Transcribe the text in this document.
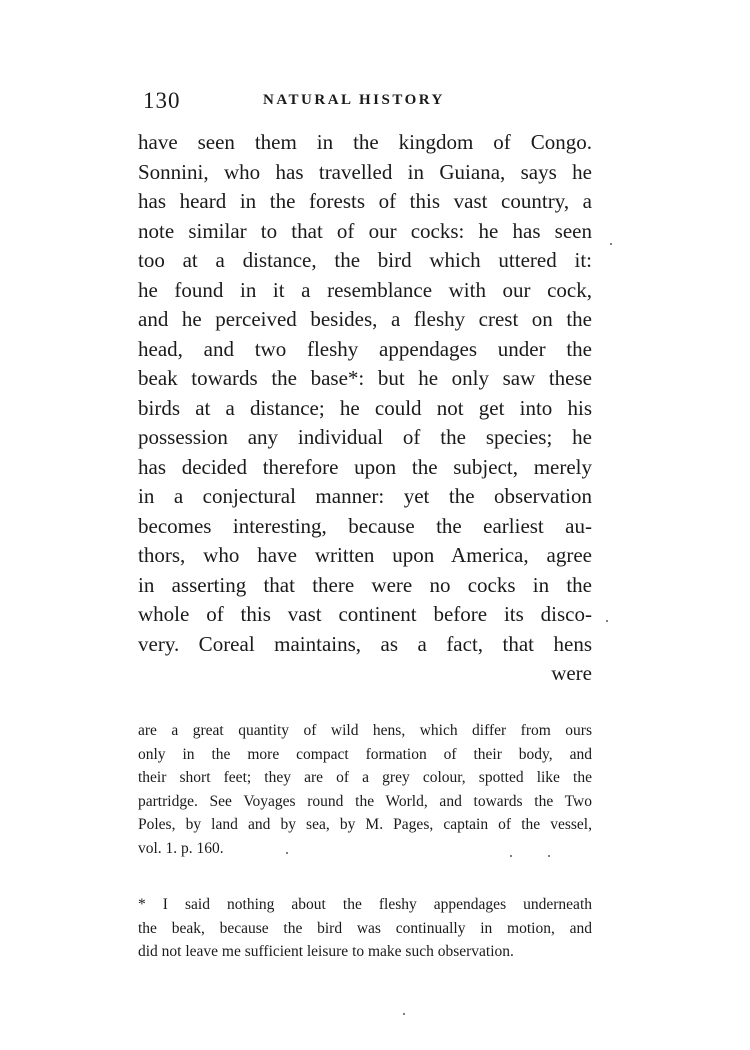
130	NATURAL HISTORY
have seen them in the kingdom of Congo.
Sonnini, who has travelled in Guiana, says he
has heard in the forests of this vast country, a
note similar to that of our cocks: he has seen
too at a distance, the bird which uttered it:
he found in it a resemblance with our cock,
and he perceived besides, a fleshy crest on the
head, and two fleshy appendages under the
beak towards the base*: but he only saw these
birds at a distance; he could not get into his
possession any individual of the species; he
has decided therefore upon the subject, merely
in a conjectural manner: yet the observation
becomes interesting, because the earliest au-
thors, who have written upon America, agree
in asserting that there were no cocks in the
whole of this vast continent before its disco-
very. Coreal maintains, as a fact, that hens
were
are a great quantity of wild hens, which differ from ours
only in the more compact formation of their body, and
their short feet; they are of a grey colour, spotted like the
partridge. See Voyages round the World, and towards the Two
Poles, by land and by sea, by M. Pages, captain of the vessel,
vol. 1. p. 160.
* I said nothing about the fleshy appendages underneath
the beak, because the bird was continually in motion, and
did not leave me sufficient leisure to make such observation.
